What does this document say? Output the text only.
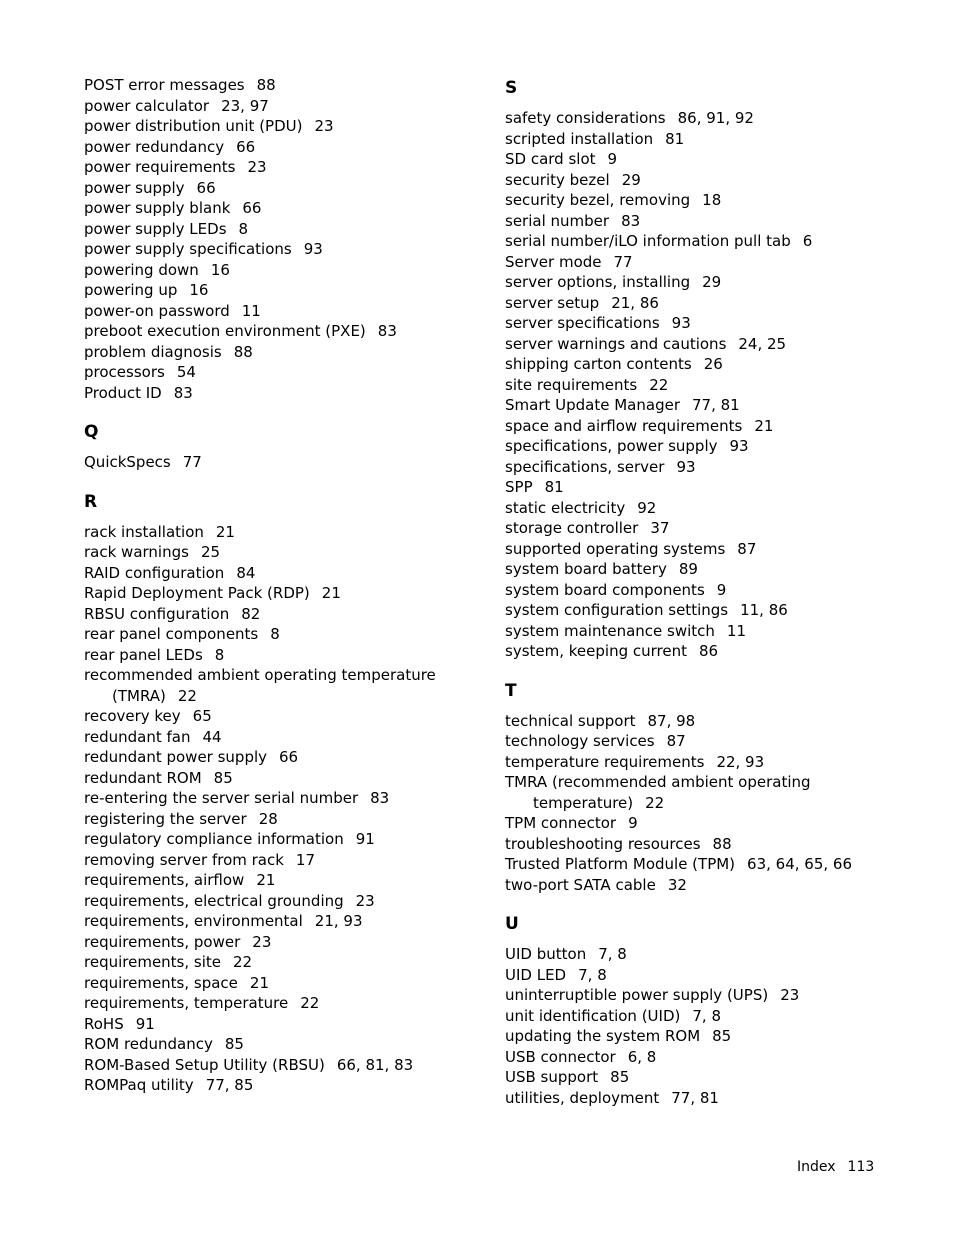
POST error messages 88
power calculator 23, 97
power distribution unit (PDU) 23
power redundancy 66
power requirements 23
power supply 66
power supply blank 66
power supply LEDs 8
power supply specifications 93
powering down 16
powering up 16
power-on password 11
preboot execution environment (PXE) 83
problem diagnosis 88
processors 54
Product ID 83
Q
QuickSpecs 77
R
rack installation 21
rack warnings 25
RAID configuration 84
Rapid Deployment Pack (RDP) 21
RBSU configuration 82
rear panel components 8
rear panel LEDs 8
recommended ambient operating temperature
(TMRA) 22
recovery key 65
redundant fan 44
redundant power supply 66
redundant ROM 85
re-entering the server serial number 83
registering the server 28
regulatory compliance information 91
removing server from rack 17
requirements, airflow 21
requirements, electrical grounding 23
requirements, environmental 21, 93
requirements, power 23
requirements, site 22
requirements, space 21
requirements, temperature 22
RoHS 91
ROM redundancy 85
ROM-Based Setup Utility (RBSU) 66, 81, 83
ROMPaq utility 77, 85
S
safety considerations 86, 91, 92
scripted installation 81
SD card slot 9
security bezel 29
security bezel, removing 18
serial number 83
serial number/iLO information pull tab 6
Server mode 77
server options, installing 29
server setup 21, 86
server specifications 93
server warnings and cautions 24, 25
shipping carton contents 26
site requirements 22
Smart Update Manager 77, 81
space and airflow requirements 21
specifications, power supply 93
specifications, server 93
SPP 81
static electricity 92
storage controller 37
supported operating systems 87
system board battery 89
system board components 9
system configuration settings 11, 86
system maintenance switch 11
system, keeping current 86
T
technical support 87, 98
technology services 87
temperature requirements 22, 93
TMRA (recommended ambient operating
temperature) 22
TPM connector 9
troubleshooting resources 88
Trusted Platform Module (TPM) 63, 64, 65, 66
two-port SATA cable 32
U
UID button 7, 8
UID LED 7, 8
uninterruptible power supply (UPS) 23
unit identification (UID) 7, 8
updating the system ROM 85
USB connector 6, 8
USB support 85
utilities, deployment 77, 81
Index 113
